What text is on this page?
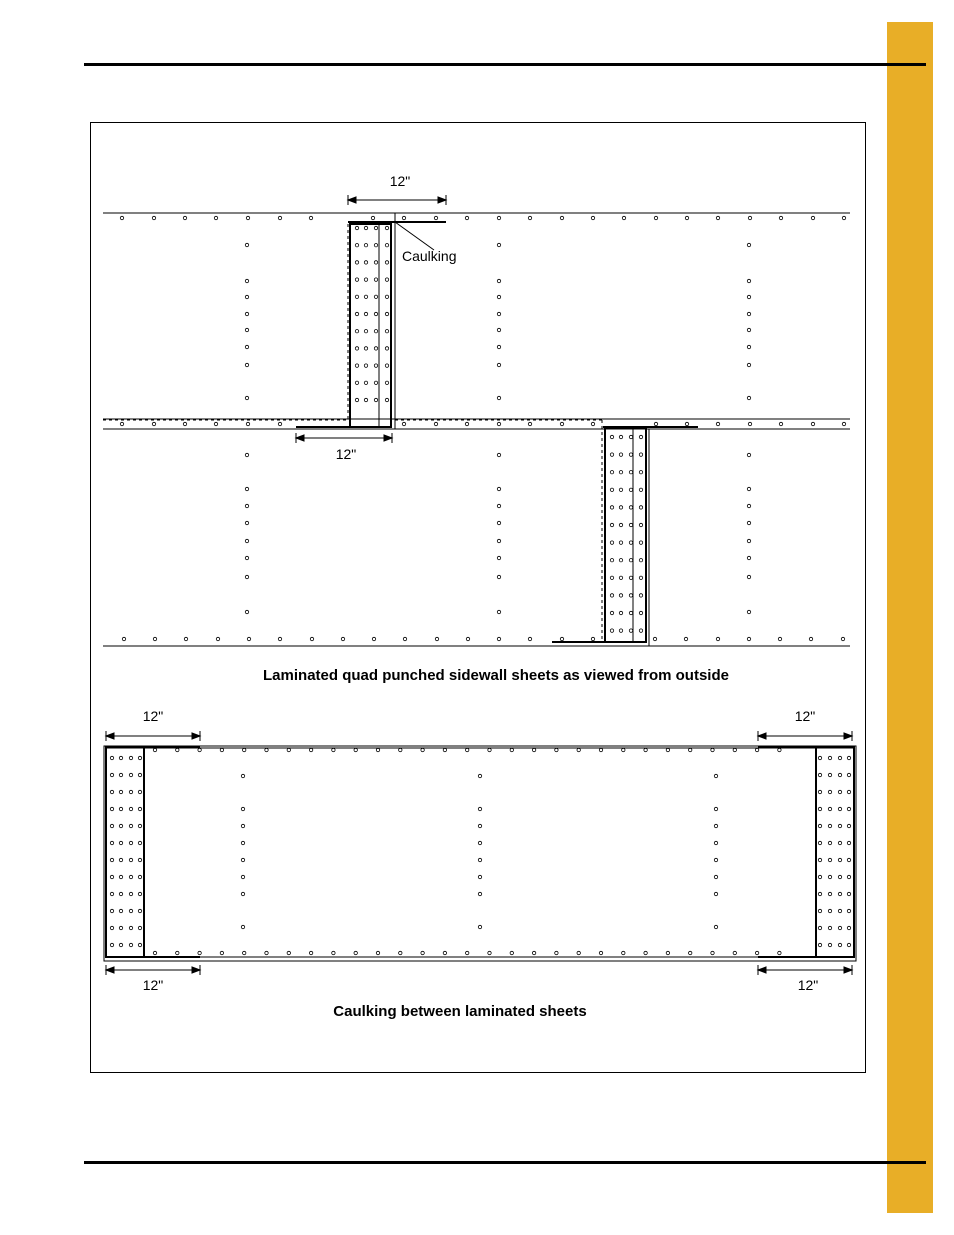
12"
12"
Caulking
Laminated quad punched sidewall sheets as viewed from outside
12"	12"
12"	12"
Caulking between laminated sheets
